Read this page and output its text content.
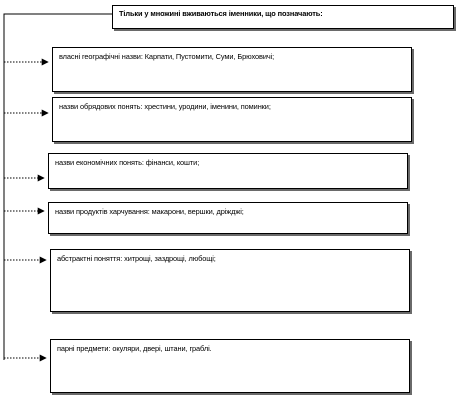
Тільки у множині вживаються іменники, що позначають:
власні географічні назви: Карпати, Пустомити, Суми, Брюховичі;
назви обрядових понять: хрестини, уродини, іменини, поминки;
назви економічних понять: фінанси, кошти;
назви продуктів харчування: макарони, вершки, дріжджі;
абстрактні поняття: хитрощі, заздрощі, любощі;
парні предмети: окуляри, двері, штани, граблі.
